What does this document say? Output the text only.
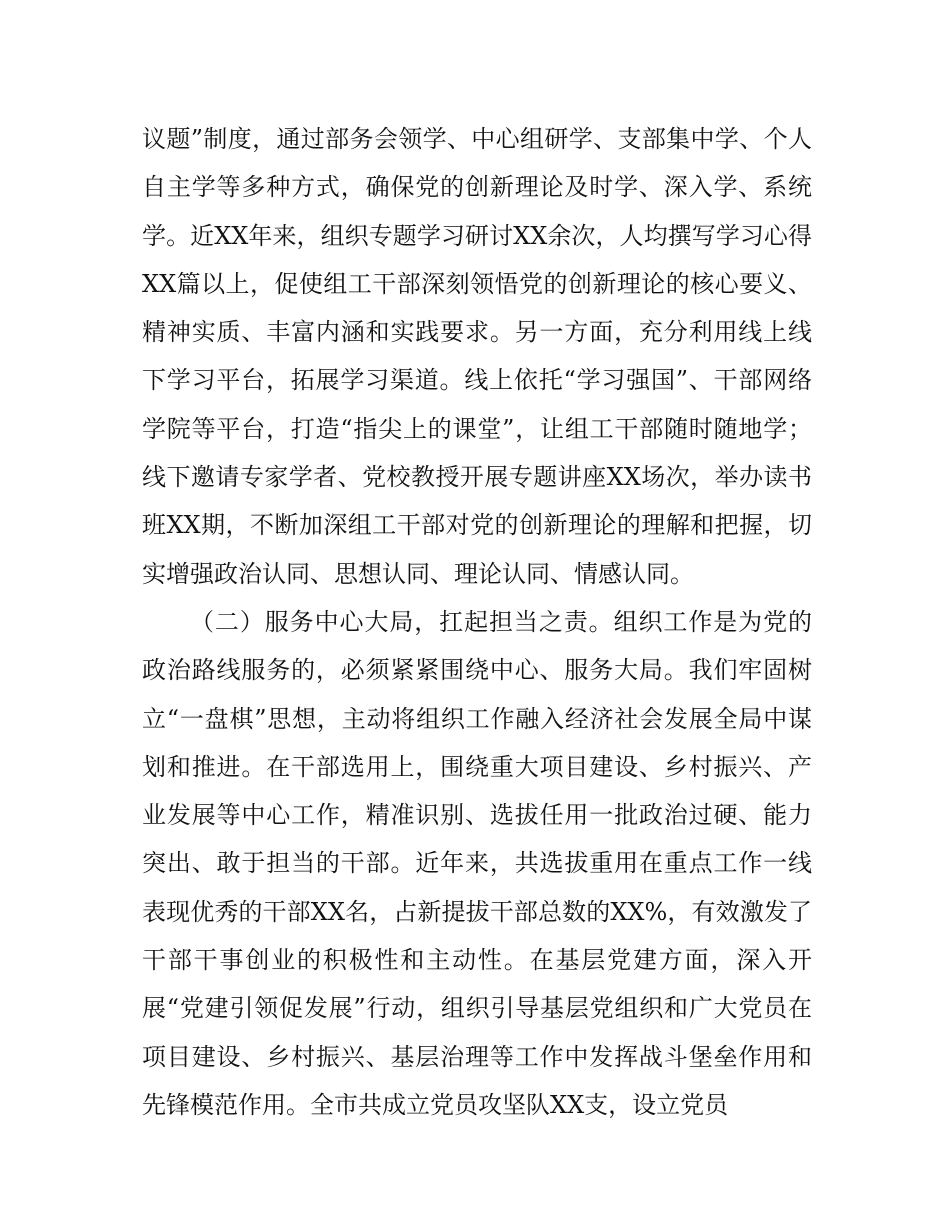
议题”制度，通过部务会领学、中心组研学、支部集中学、个人自主学等多种方式，确保党的创新理论及时学、深入学、系统学。近XX年来，组织专题学习研讨XX余次，人均撰写学习心得XX篇以上，促使组工干部深刻领悟党的创新理论的核心要义、精神实质、丰富内涵和实践要求。另一方面，充分利用线上线下学习平台，拓展学习渠道。线上依托“学习强国”、干部网络学院等平台，打造“指尖上的课堂”，让组工干部随时随地学；线下邀请专家学者、党校教授开展专题讲座XX场次，举办读书班XX期，不断加深组工干部对党的创新理论的理解和把握，切实增强政治认同、思想认同、理论认同、情感认同。

（二）服务中心大局，扛起担当之责。组织工作是为党的政治路线服务的，必须紧紧围绕中心、服务大局。我们牢固树立“一盘棋”思想，主动将组织工作融入经济社会发展全局中谋划和推进。在干部选用上，围绕重大项目建设、乡村振兴、产业发展等中心工作，精准识别、选拔任用一批政治过硬、能力突出、敢于担当的干部。近年来，共选拔重用在重点工作一线表现优秀的干部XX名，占新提拔干部总数的XX%，有效激发了干部干事创业的积极性和主动性。在基层党建方面，深入开展“党建引领促发展”行动，组织引导基层党组织和广大党员在项目建设、乡村振兴、基层治理等工作中发挥战斗堡垒作用和先锋模范作用。全市共成立党员攻坚队XX支，设立党员
